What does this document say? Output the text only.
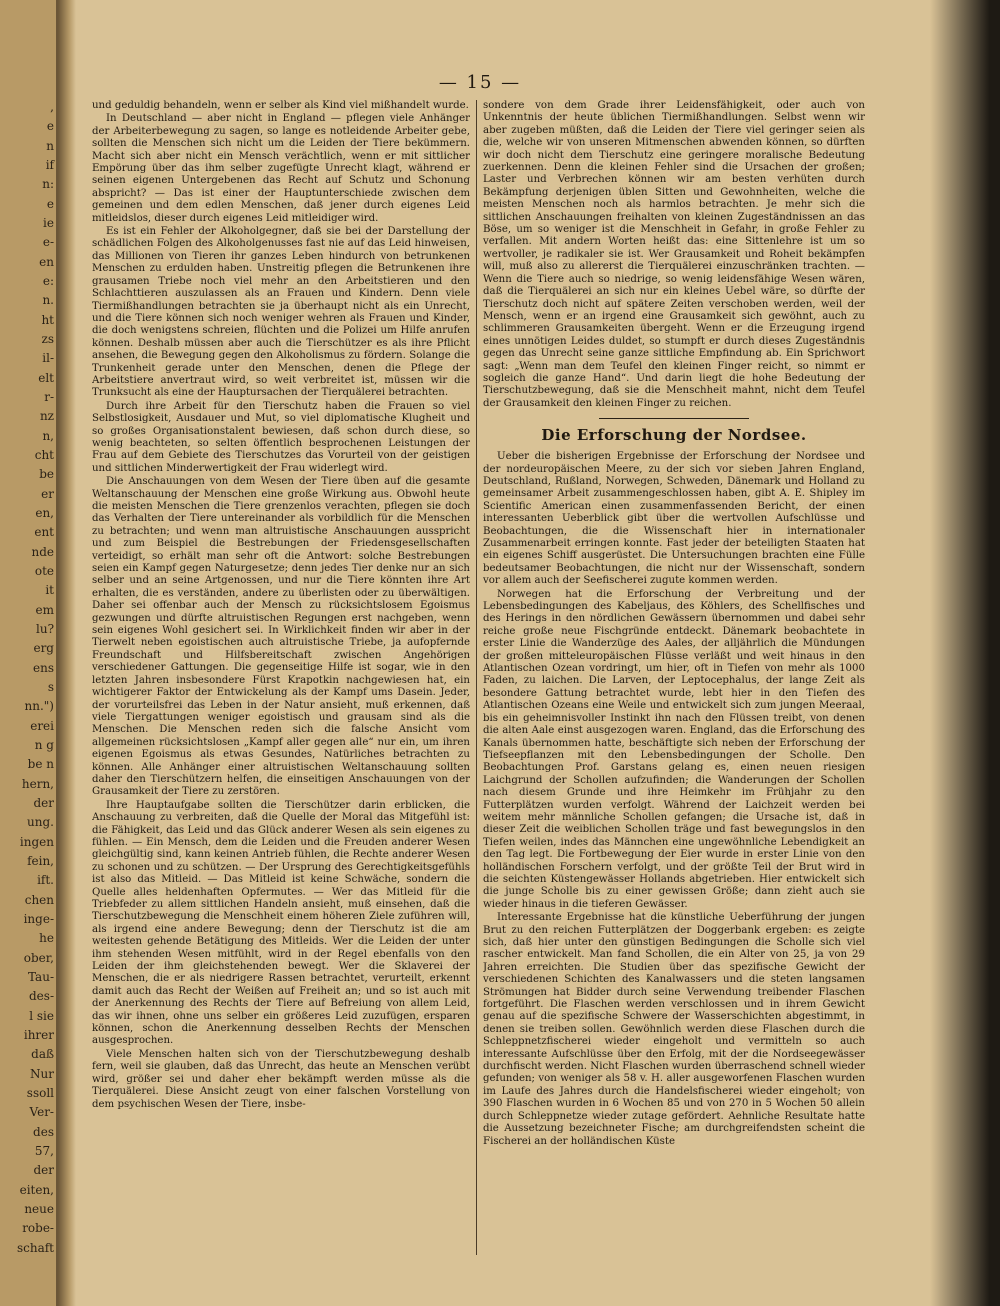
,
e
n
if
n:
e
ie
e-
en
e:
n.
ht
zs
il-
elt
r-
nz
n,
cht
be
er
en,
ent
nde
ote
it
em
lu?
erg
ens
s
nn.")
erei
n g
be n
hern,
der
ung.
ingen
fein,
ift.
chen
inge-
he
ober,
Tau-
des-
l sie
ihrer
daß
Nur
ssoll
Ver-
des
57,
der
eiten,
neue
robe-
schaft
— 15 —

und geduldig behandeln, wenn er selber als Kind viel mißhandelt wurde.

In Deutschland — aber nicht in England — pflegen viele Anhänger der Arbeiterbewegung zu sagen, so lange es notleidende Arbeiter gebe, sollten die Menschen sich nicht um die Leiden der Tiere bekümmern. Macht sich aber nicht ein Mensch verächtlich, wenn er mit sittlicher Empörung über das ihm selber zugefügte Unrecht klagt, während er seinen eigenen Untergebenen das Recht auf Schutz und Schonung abspricht? — Das ist einer der Hauptunterschiede zwischen dem gemeinen und dem edlen Menschen, daß jener durch eigenes Leid mitleidslos, dieser durch eigenes Leid mitleidiger wird.

Es ist ein Fehler der Alkoholgegner, daß sie bei der Darstellung der schädlichen Folgen des Alkoholgenusses fast nie auf das Leid hinweisen, das Millionen von Tieren ihr ganzes Leben hindurch von betrunkenen Menschen zu erdulden haben. Unstreitig pflegen die Betrunkenen ihre grausamen Triebe noch viel mehr an den Arbeitstieren und den Schlachttieren auszulassen als an Frauen und Kindern. Denn viele Tiermißhandlungen betrachten sie ja überhaupt nicht als ein Unrecht, und die Tiere können sich noch weniger wehren als Frauen und Kinder, die doch wenigstens schreien, flüchten und die Polizei um Hilfe anrufen können. Deshalb müssen aber auch die Tierschützer es als ihre Pflicht ansehen, die Bewegung gegen den Alkoholismus zu fördern. Solange die Trunkenheit gerade unter den Menschen, denen die Pflege der Arbeitstiere anvertraut wird, so weit verbreitet ist, müssen wir die Trunksucht als eine der Hauptursachen der Tierquälerei betrachten.

Durch ihre Arbeit für den Tierschutz haben die Frauen so viel Selbstlosigkeit, Ausdauer und Mut, so viel diplomatische Klugheit und so großes Organisationstalent bewiesen, daß schon durch diese, so wenig beachteten, so selten öffentlich besprochenen Leistungen der Frau auf dem Gebiete des Tierschutzes das Vorurteil von der geistigen und sittlichen Minderwertigkeit der Frau widerlegt wird.

Die Anschauungen von dem Wesen der Tiere üben auf die gesamte Weltanschauung der Menschen eine große Wirkung aus. Obwohl heute die meisten Menschen die Tiere grenzenlos verachten, pflegen sie doch das Verhalten der Tiere untereinander als vorbildlich für die Menschen zu betrachten; und wenn man altruistische Anschauungen ausspricht und zum Beispiel die Bestrebungen der Friedensgesellschaften verteidigt, so erhält man sehr oft die Antwort: solche Bestrebungen seien ein Kampf gegen Naturgesetze; denn jedes Tier denke nur an sich selber und an seine Artgenossen, und nur die Tiere könnten ihre Art erhalten, die es verständen, andere zu überlisten oder zu überwältigen. Daher sei offenbar auch der Mensch zu rücksichtslosem Egoismus gezwungen und dürfte altruistischen Regungen erst nachgeben, wenn sein eigenes Wohl gesichert sei. In Wirklichkeit finden wir aber in der Tierwelt neben egoistischen auch altruistische Triebe, ja aufopfernde Freundschaft und Hilfsbereitschaft zwischen Angehörigen verschiedener Gattungen. Die gegenseitige Hilfe ist sogar, wie in den letzten Jahren insbesondere Fürst Krapotkin nachgewiesen hat, ein wichtigerer Faktor der Entwickelung als der Kampf ums Dasein. Jeder, der vorurteilsfrei das Leben in der Natur ansieht, muß erkennen, daß viele Tiergattungen weniger egoistisch und grausam sind als die Menschen. Die Menschen reden sich die falsche Ansicht vom allgemeinen rücksichtslosen „Kampf aller gegen alle“ nur ein, um ihren eigenen Egoismus als etwas Gesundes, Natürliches betrachten zu können. Alle Anhänger einer altruistischen Weltanschauung sollten daher den Tierschützern helfen, die einseitigen Anschauungen von der Grausamkeit der Tiere zu zerstören.

Ihre Hauptaufgabe sollten die Tierschützer darin erblicken, die Anschauung zu verbreiten, daß die Quelle der Moral das Mitgefühl ist: die Fähigkeit, das Leid und das Glück anderer Wesen als sein eigenes zu fühlen. — Ein Mensch, dem die Leiden und die Freuden anderer Wesen gleichgültig sind, kann keinen Antrieb fühlen, die Rechte anderer Wesen zu schonen und zu schützen. — Der Ursprung des Gerechtigkeitsgefühls ist also das Mitleid. — Das Mitleid ist keine Schwäche, sondern die Quelle alles heldenhaften Opfermutes. — Wer das Mitleid für die Triebfeder zu allem sittlichen Handeln ansieht, muß einsehen, daß die Tierschutzbewegung die Menschheit einem höheren Ziele zuführen will, als irgend eine andere Bewegung; denn der Tierschutz ist die am weitesten gehende Betätigung des Mitleids. Wer die Leiden der unter ihm stehenden Wesen mitfühlt, wird in der Regel ebenfalls von den Leiden der ihm gleichstehenden bewegt. Wer die Sklaverei der Menschen, die er als niedrigere Rassen betrachtet, verurteilt, erkennt damit auch das Recht der Weißen auf Freiheit an; und so ist auch mit der Anerkennung des Rechts der Tiere auf Befreiung von allem Leid, das wir ihnen, ohne uns selber ein größeres Leid zuzufügen, ersparen können, schon die Anerkennung desselben Rechts der Menschen ausgesprochen.

Viele Menschen halten sich von der Tierschutzbewegung deshalb fern, weil sie glauben, daß das Unrecht, das heute an Menschen verübt wird, größer sei und daher eher bekämpft werden müsse als die Tierquälerei. Diese Ansicht zeugt von einer falschen Vorstellung von dem psychischen Wesen der Tiere, insbe-

sondere von dem Grade ihrer Leidensfähigkeit, oder auch von Unkenntnis der heute üblichen Tiermißhandlungen. Selbst wenn wir aber zugeben müßten, daß die Leiden der Tiere viel geringer seien als die, welche wir von unseren Mitmenschen abwenden können, so dürften wir doch nicht dem Tierschutz eine geringere moralische Bedeutung zuerkennen. Denn die kleinen Fehler sind die Ursachen der großen; Laster und Verbrechen können wir am besten verhüten durch Bekämpfung derjenigen üblen Sitten und Gewohnheiten, welche die meisten Menschen noch als harmlos betrachten. Je mehr sich die sittlichen Anschauungen freihalten von kleinen Zugeständnissen an das Böse, um so weniger ist die Menschheit in Gefahr, in große Fehler zu verfallen. Mit andern Worten heißt das: eine Sittenlehre ist um so wertvoller, je radikaler sie ist. Wer Grausamkeit und Roheit bekämpfen will, muß also zu allererst die Tierquälerei einzuschränken trachten. — Wenn die Tiere auch so niedrige, so wenig leidensfähige Wesen wären, daß die Tierquälerei an sich nur ein kleines Uebel wäre, so dürfte der Tierschutz doch nicht auf spätere Zeiten verschoben werden, weil der Mensch, wenn er an irgend eine Grausamkeit sich gewöhnt, auch zu schlimmeren Grausamkeiten übergeht. Wenn er die Erzeugung irgend eines unnötigen Leides duldet, so stumpft er durch dieses Zugeständnis gegen das Unrecht seine ganze sittliche Empfindung ab. Ein Sprichwort sagt: „Wenn man dem Teufel den kleinen Finger reicht, so nimmt er sogleich die ganze Hand“. Und darin liegt die hohe Bedeutung der Tierschutzbewegung, daß sie die Menschheit mahnt, nicht dem Teufel der Grausamkeit den kleinen Finger zu reichen.

Die Erforschung der Nordsee.

Ueber die bisherigen Ergebnisse der Erforschung der Nordsee und der nordeuropäischen Meere, zu der sich vor sieben Jahren England, Deutschland, Rußland, Norwegen, Schweden, Dänemark und Holland zu gemeinsamer Arbeit zusammengeschlossen haben, gibt A. E. Shipley im Scientific American einen zusammenfassenden Bericht, der einen interessanten Ueberblick gibt über die wertvollen Aufschlüsse und Beobachtungen, die die Wissenschaft hier in internationaler Zusammenarbeit erringen konnte. Fast jeder der beteiligten Staaten hat ein eigenes Schiff ausgerüstet. Die Untersuchungen brachten eine Fülle bedeutsamer Beobachtungen, die nicht nur der Wissenschaft, sondern vor allem auch der Seefischerei zugute kommen werden.

Norwegen hat die Erforschung der Verbreitung und der Lebensbedingungen des Kabeljaus, des Köhlers, des Schellfisches und des Herings in den nördlichen Gewässern übernommen und dabei sehr reiche große neue Fischgründe entdeckt. Dänemark beobachtete in erster Linie die Wanderzüge des Aales, der alljährlich die Mündungen der großen mitteleuropäischen Flüsse verläßt und weit hinaus in den Atlantischen Ozean vordringt, um hier, oft in Tiefen von mehr als 1000 Faden, zu laichen. Die Larven, der Leptocephalus, der lange Zeit als besondere Gattung betrachtet wurde, lebt hier in den Tiefen des Atlantischen Ozeans eine Weile und entwickelt sich zum jungen Meeraal, bis ein geheimnisvoller Instinkt ihn nach den Flüssen treibt, von denen die alten Aale einst ausgezogen waren. England, das die Erforschung des Kanals übernommen hatte, beschäftigte sich neben der Erforschung der Tiefseepflanzen mit den Lebensbedingungen der Scholle. Den Beobachtungen Prof. Garstans gelang es, einen neuen riesigen Laichgrund der Schollen aufzufinden; die Wanderungen der Schollen nach diesem Grunde und ihre Heimkehr im Frühjahr zu den Futterplätzen wurden verfolgt. Während der Laichzeit werden bei weitem mehr männliche Schollen gefangen; die Ursache ist, daß in dieser Zeit die weiblichen Schollen träge und fast bewegungslos in den Tiefen weilen, indes das Männchen eine ungewöhnliche Lebendigkeit an den Tag legt. Die Fortbewegung der Eier wurde in erster Linie von den holländischen Forschern verfolgt, und der größte Teil der Brut wird in die seichten Küstengewässer Hollands abgetrieben. Hier entwickelt sich die junge Scholle bis zu einer gewissen Größe; dann zieht auch sie wieder hinaus in die tieferen Gewässer.

Interessante Ergebnisse hat die künstliche Ueberführung der jungen Brut zu den reichen Futterplätzen der Doggerbank ergeben: es zeigte sich, daß hier unter den günstigen Bedingungen die Scholle sich viel rascher entwickelt. Man fand Schollen, die ein Alter von 25, ja von 29 Jahren erreichten. Die Studien über das spezifische Gewicht der verschiedenen Schichten des Kanalwassers und die steten langsamen Strömungen hat Bidder durch seine Verwendung treibender Flaschen fortgeführt. Die Flaschen werden verschlossen und in ihrem Gewicht genau auf die spezifische Schwere der Wasserschichten abgestimmt, in denen sie treiben sollen. Gewöhnlich werden diese Flaschen durch die Schleppnetzfischerei wieder eingeholt und vermitteln so auch interessante Aufschlüsse über den Erfolg, mit der die Nordseegewässer durchfischt werden. Nicht Flaschen wurden überraschend schnell wieder gefunden; von weniger als 58 v. H. aller ausgeworfenen Flaschen wurden im Laufe des Jahres durch die Handelsfischerei wieder eingeholt; von 390 Flaschen wurden in 6 Wochen 85 und von 270 in 5 Wochen 50 allein durch Schleppnetze wieder zutage gefördert. Aehnliche Resultate hatte die Aussetzung bezeichneter Fische; am durchgreifendsten scheint die Fischerei an der holländischen Küste
